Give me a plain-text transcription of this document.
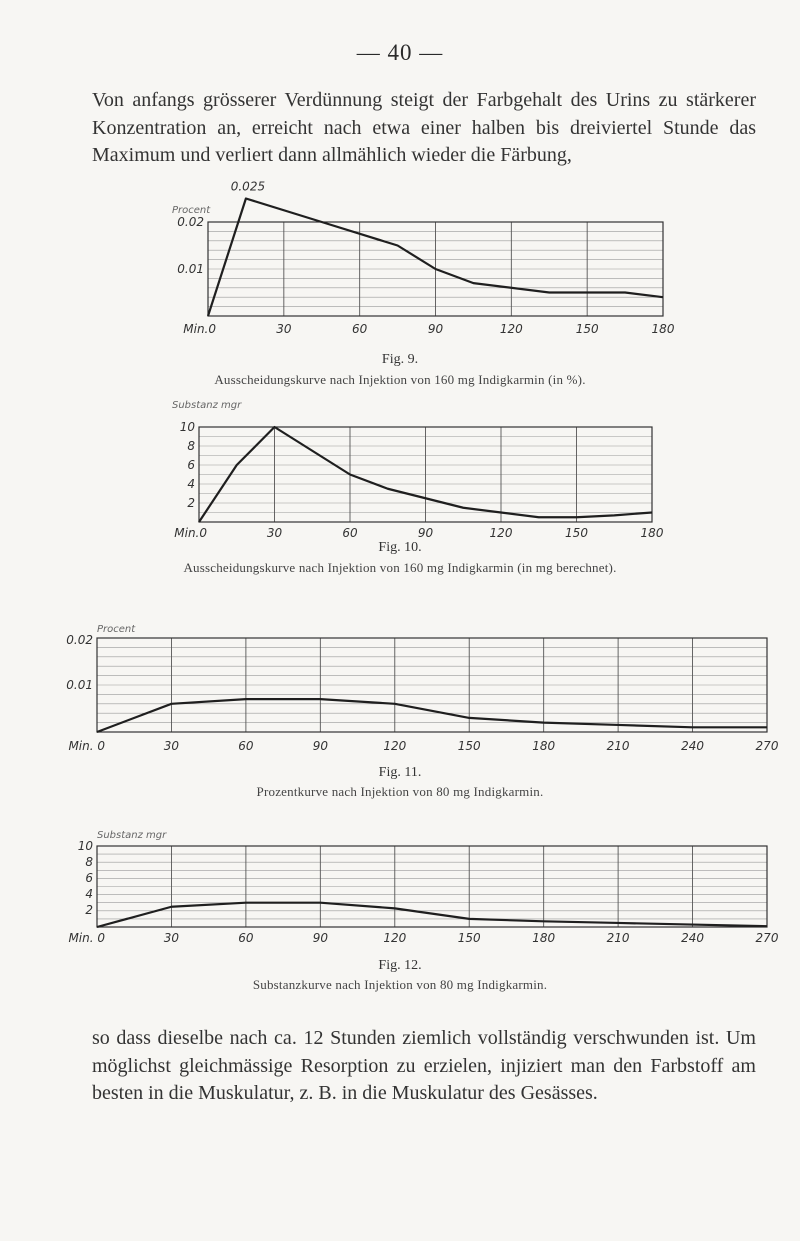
— 40 —
Von anfangs grösserer Verdünnung steigt der Farbgehalt des Urins zu stärkerer Konzentration an, erreicht nach etwa einer halben bis dreiviertel Stunde das Maximum und verliert dann allmählich wieder die Färbung,
Procent
0.02
0.01
Min.0	30	60	90	120	150	180
0.025
Substanz mgr
10
8
6
4
2
Min.0	30	60	90	120	150	180
Procent
0.02
0.01
Min. 0	30	60	90	120	150	180	210	240	270
Substanz mgr
10
8
6
4
2
Min. 0	30	60	90	120	150	180	210	240	270
Fig. 9.
Ausscheidungskurve nach Injektion von 160 mg Indigkarmin (in %).
Fig. 10.
Ausscheidungskurve nach Injektion von 160 mg Indigkarmin (in mg berechnet).
Fig. 11.
Prozentkurve nach Injektion von 80 mg Indigkarmin.
Fig. 12.
Substanzkurve nach Injektion von 80 mg Indigkarmin.
so dass dieselbe nach ca. 12 Stunden ziemlich vollständig verschwunden ist. Um möglichst gleichmässige Resorption zu erzielen, injiziert man den Farbstoff am besten in die Muskulatur, z. B. in die Muskulatur des Gesässes.
